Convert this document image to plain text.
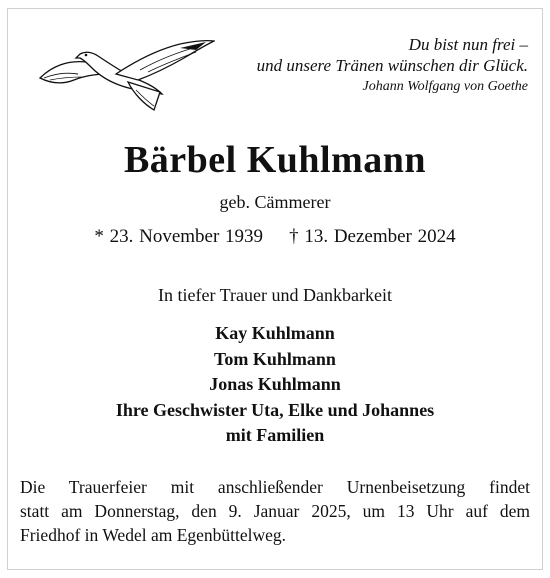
Du bist nun frei –
und unsere Tränen wünschen dir Glück.
Johann Wolfgang von Goethe
Bärbel Kuhlmann
geb. Cämmerer
* 23. November 1939 † 13. Dezember 2024
In tiefer Trauer und Dankbarkeit
Kay Kuhlmann
Tom Kuhlmann
Jonas Kuhlmann
Ihre Geschwister Uta, Elke und Johannes
mit Familien
Die Trauerfeier mit anschließender Urnenbeisetzung findet
statt am Donnerstag, den 9. Januar 2025, um 13 Uhr auf dem
Friedhof in Wedel am Egenbüttelweg.
